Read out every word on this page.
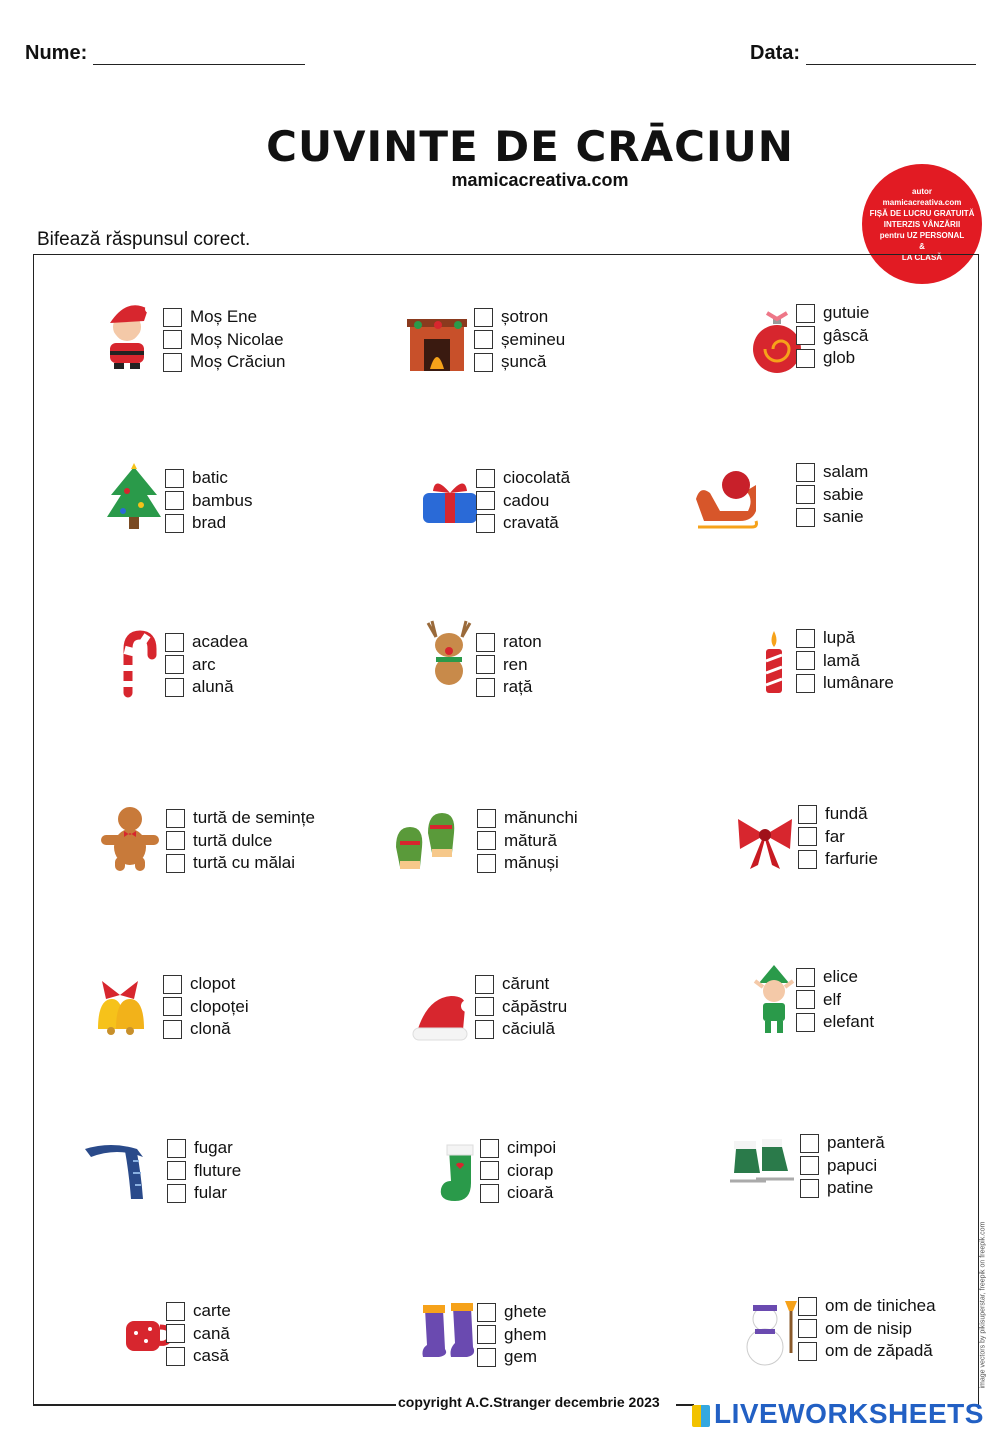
Nume:	Data:
CUVINTE DE CRĀCIUN
mamicacreativa.com
autor
mamicacreativa.com
FIȘĂ DE LUCRU GRATUITĂ
INTERZIS VÂNZĂRII
pentru UZ PERSONAL
&
LA CLASĂ
Bifează răspunsul corect.
copyright A.C.Stranger decembrie 2023	LIVEWORKSHEETS
image vectors by pikisuperstar, freepik on freepik.com
Moș Ene
Moș Nicolae
Moș Crăciun
șotron
șemineu
șuncă
gutuie
gâscă
glob
batic
bambus
brad
ciocolată
cadou
cravată
salam
sabie
sanie
acadea
arc
alună
raton
ren
rață
lupă
lamă
lumânare
turtă de semințe
turtă dulce
turtă cu mălai
mănunchi
mătură
mănuși
fundă
far
farfurie
clopot
clopoței
clonă
cărunt
căpăstru
căciulă
elice
elf
elefant
fugar
fluture
fular
cimpoi
ciorap
cioară
panteră
papuci
patine
carte
cană
casă
ghete
ghem
gem
om de tinichea
om de nisip
om de zăpadă
